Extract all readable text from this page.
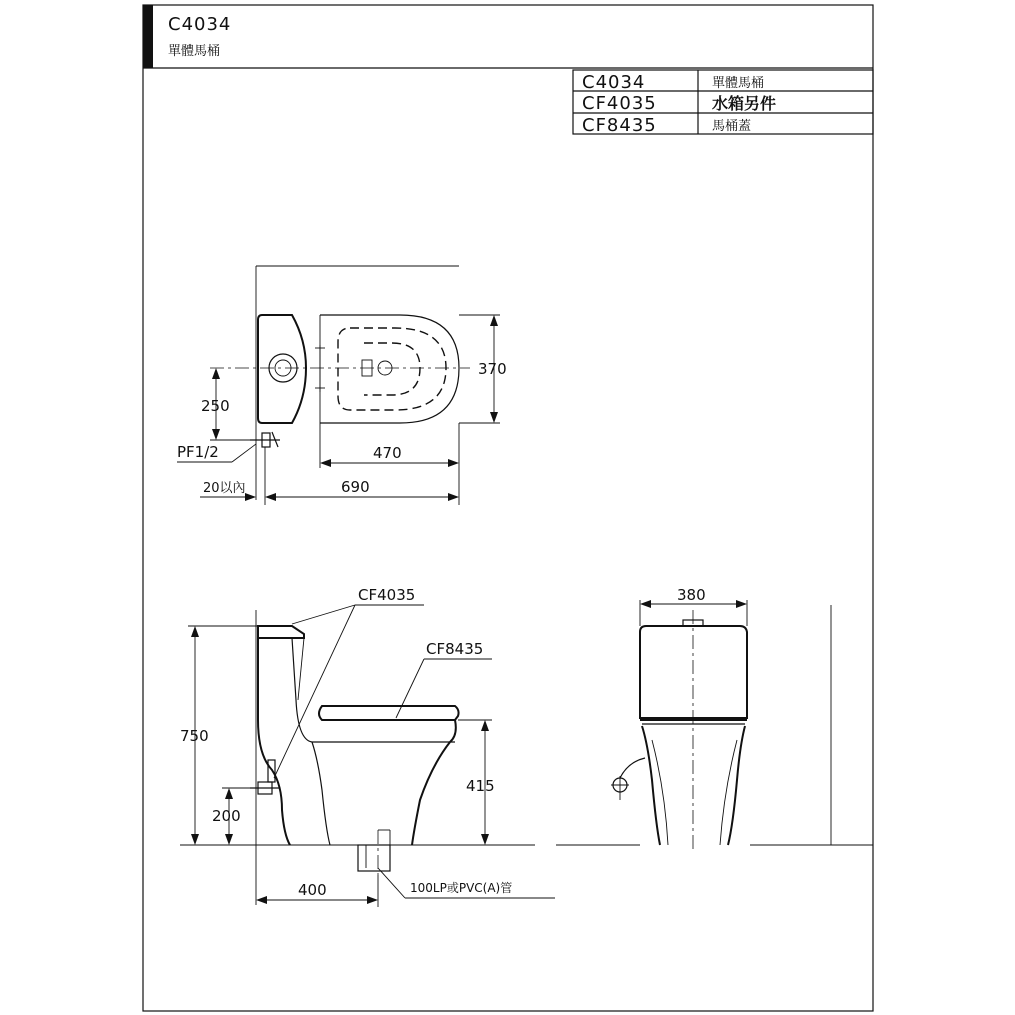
C4034
單體馬桶
C4034	單體馬桶
CF4035	水箱另件
CF8435	馬桶蓋
370
250
PF1/2	470
690
20以內
750
200
415
400
CF4035
CF8435
100LP或PVC(A)管
380
